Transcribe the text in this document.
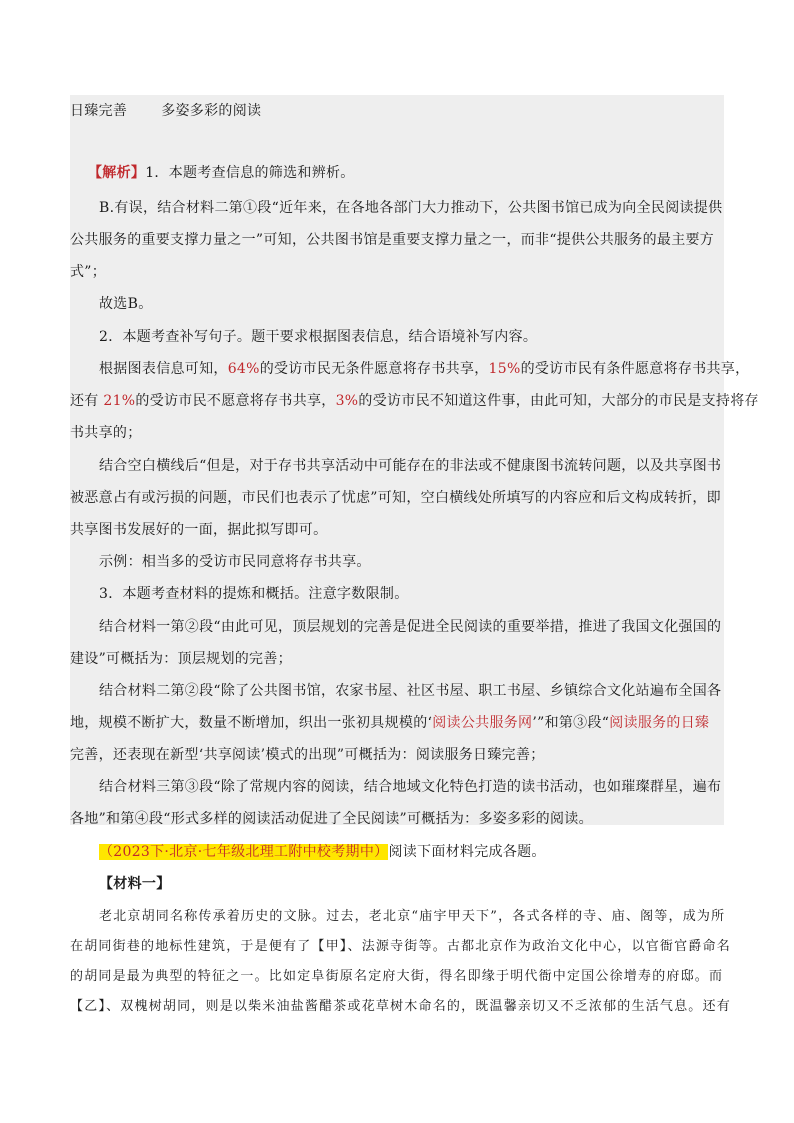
日臻完善 多姿多彩的阅读
【解析】1．本题考查信息的筛选和辨析。
B.有误，结合材料二第①段“近年来，在各地各部门大力推动下，公共图书馆已成为向全民阅读提供
公共服务的重要支撑力量之一”可知，公共图书馆是重要支撑力量之一，而非“提供公共服务的最主要方
式”；
故选B。
2．本题考查补写句子。题干要求根据图表信息，结合语境补写内容。
根据图表信息可知，64%的受访市民无条件愿意将存书共享，15%的受访市民有条件愿意将存书共享，
还有 21%的受访市民不愿意将存书共享，3%的受访市民不知道这件事，由此可知，大部分的市民是支持将存
书共享的；
结合空白横线后“但是，对于存书共享活动中可能存在的非法或不健康图书流转问题，以及共享图书
被恶意占有或污损的问题，市民们也表示了忧虑”可知，空白横线处所填写的内容应和后文构成转折，即
共享图书发展好的一面，据此拟写即可。
示例：相当多的受访市民同意将存书共享。
3．本题考查材料的提炼和概括。注意字数限制。
结合材料一第②段“由此可见，顶层规划的完善是促进全民阅读的重要举措，推进了我国文化强国的
建设”可概括为：顶层规划的完善；
结合材料二第②段“除了公共图书馆，农家书屋、社区书屋、职工书屋、乡镇综合文化站遍布全国各
地，规模不断扩大，数量不断增加，织出一张初具规模的‘阅读公共服务网’”和第③段“阅读服务的日臻
完善，还表现在新型‘共享阅读’模式的出现”可概括为：阅读服务日臻完善；
结合材料三第③段“除了常规内容的阅读，结合地域文化特色打造的读书活动，也如璀璨群星，遍布
各地”和第④段“形式多样的阅读活动促进了全民阅读”可概括为：多姿多彩的阅读。
（2023下·北京·七年级北理工附中校考期中）阅读下面材料完成各题。
【材料一】
老北京胡同名称传承着历史的文脉。过去，老北京“庙宇甲天下”，各式各样的寺、庙、阁等，成为所
在胡同街巷的地标性建筑，于是便有了【甲】、法源寺街等。古都北京作为政治文化中心，以官衙官爵命名
的胡同是最为典型的特征之一。比如定阜街原名定府大街，得名即缘于明代衙中定国公徐增寿的府邸。而
【乙】、双槐树胡同，则是以柴米油盐酱醋茶或花草树木命名的，既温馨亲切又不乏浓郁的生活气息。还有
